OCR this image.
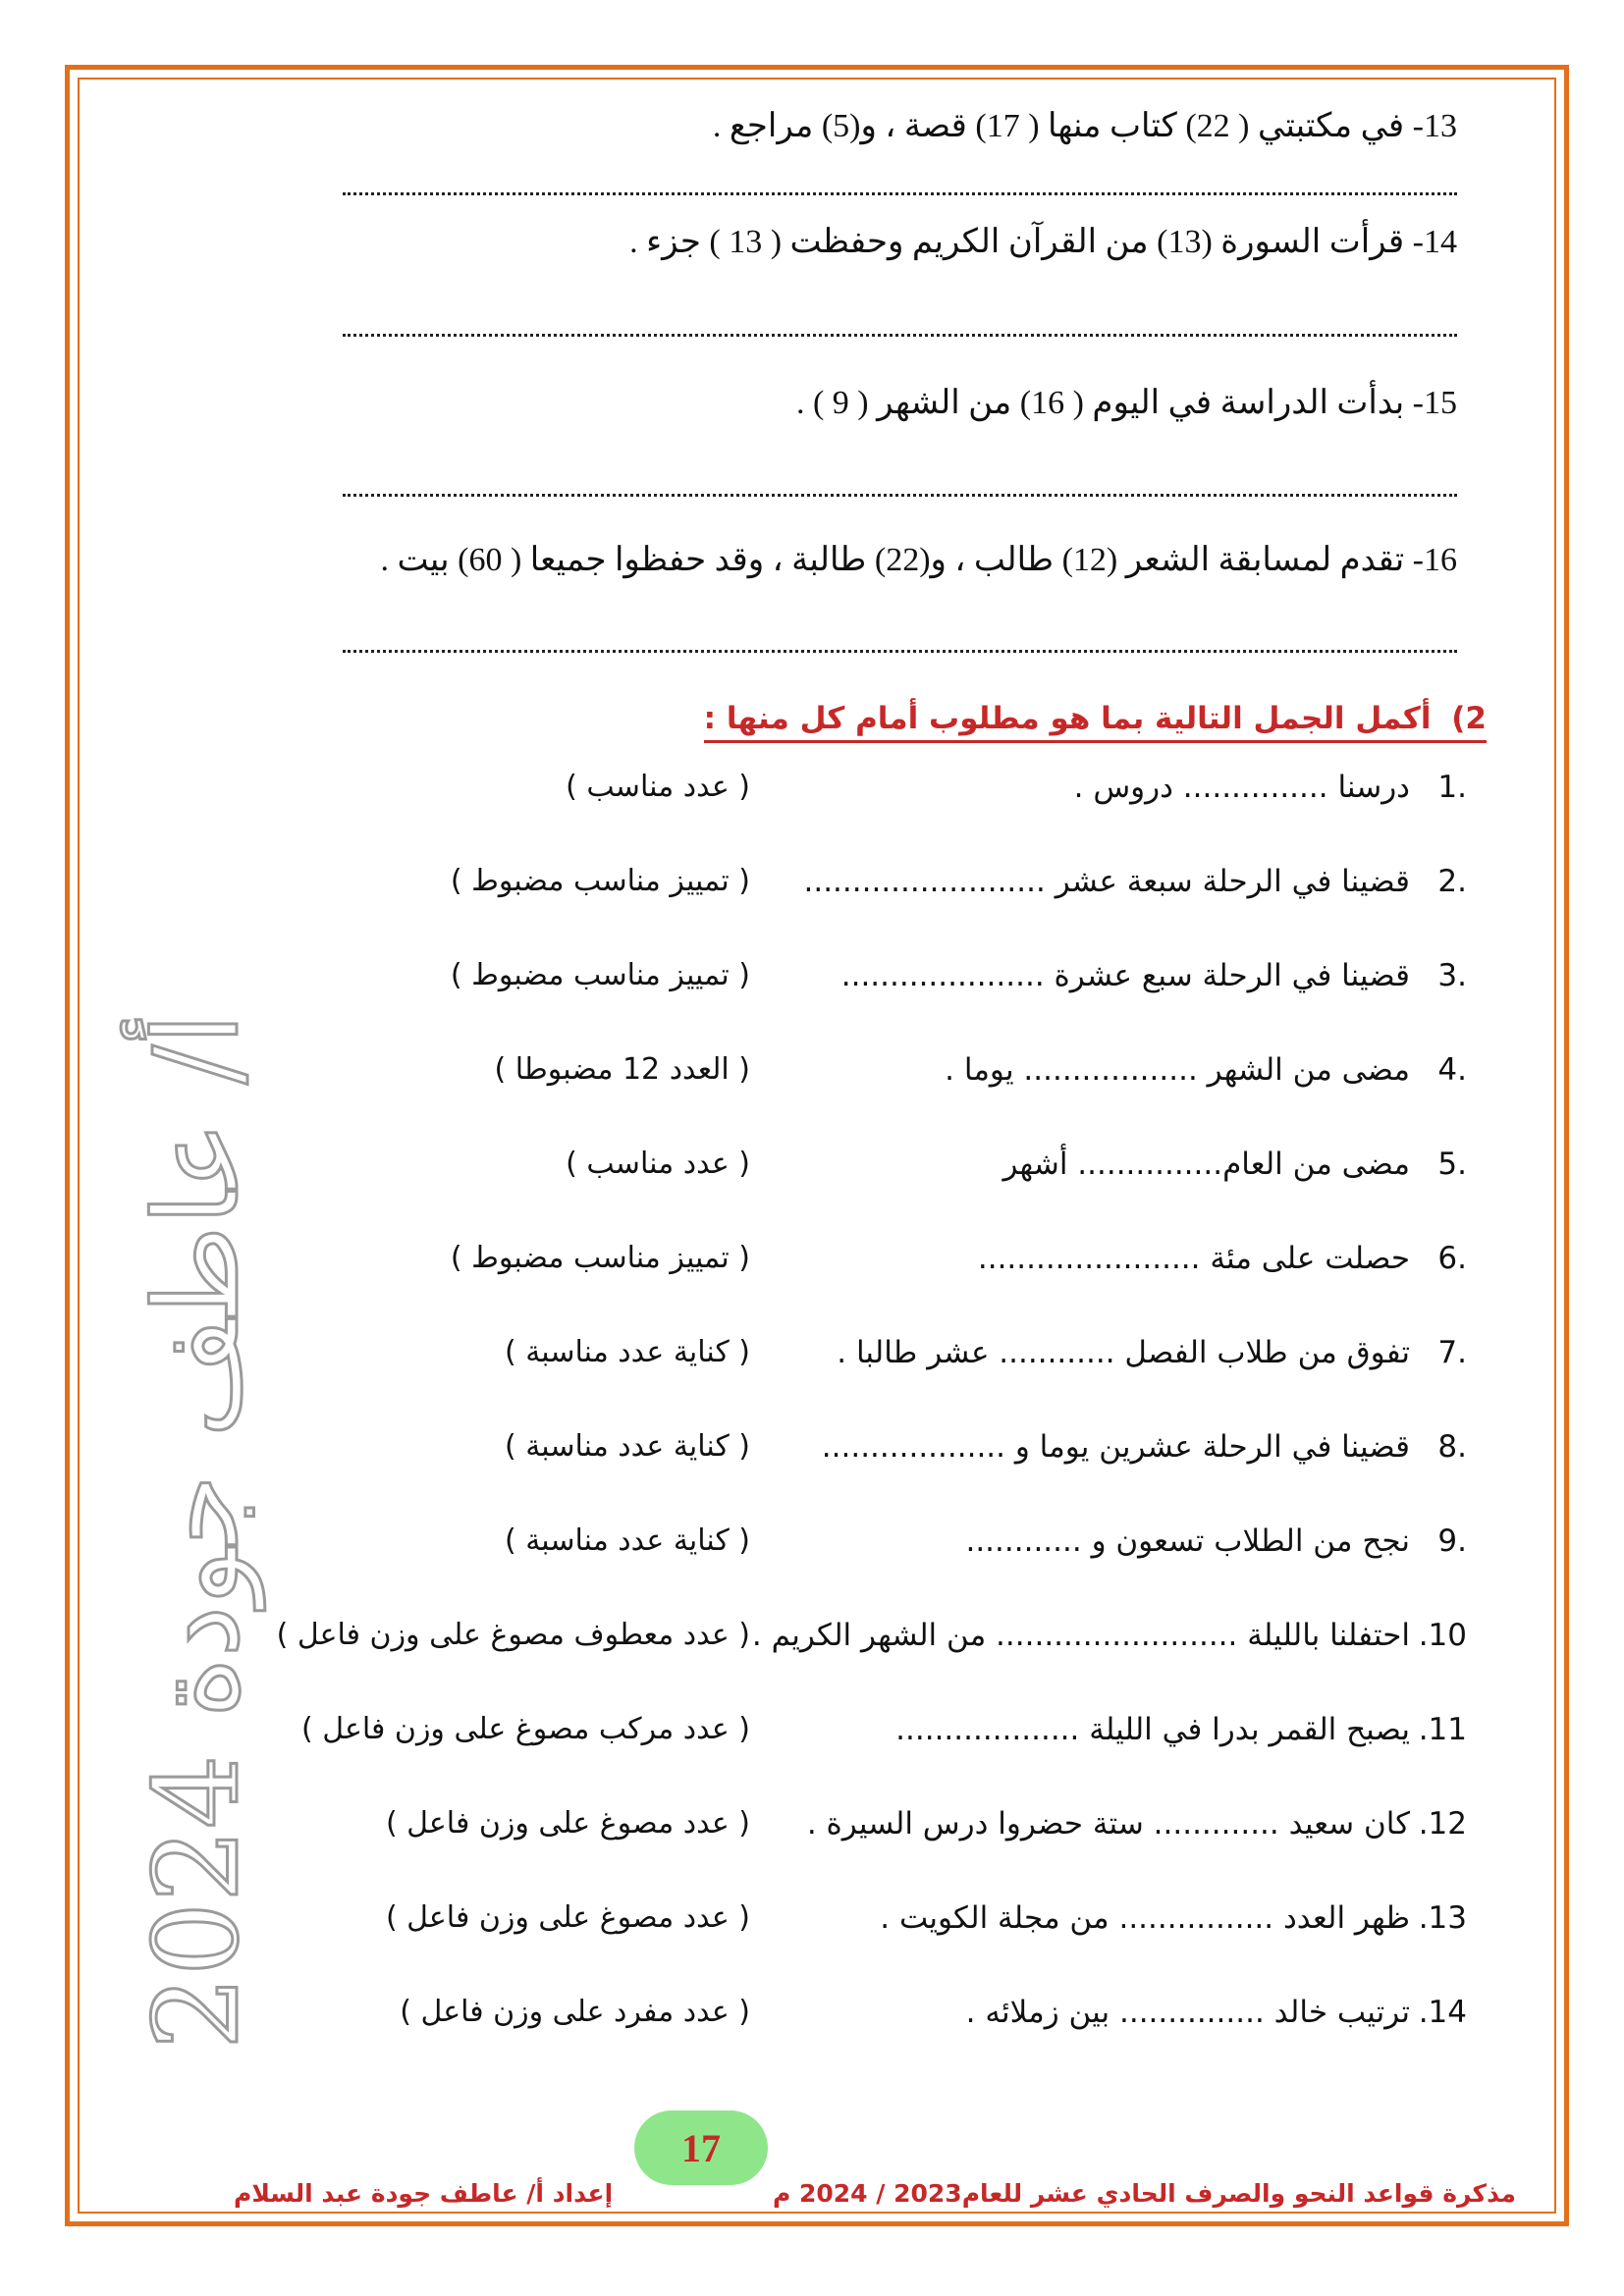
أ/ عاطف جودة 2024
13- في مكتبتي ( 22) كتاب منها ( 17) قصة ، و(5) مراجع .
14- قرأت السورة (13) من القرآن الكريم وحفظت ( 13 ) جزء .
15- بدأت الدراسة في اليوم ( 16) من الشهر ( 9 ) .
16- تقدم لمسابقة الشعر (12) طالب ، و(22) طالبة ، وقد حفظوا جميعا ( 60) بيت .
2) أكمل الجمل التالية بما هو مطلوب أمام كل منها :
.1
درسنا ............... دروس .
( عدد مناسب )
.2
قضينا في الرحلة سبعة عشر .........................
( تمييز مناسب مضبوط )
.3
قضينا في الرحلة سبع عشرة .....................
( تمييز مناسب مضبوط )
.4
مضى من الشهر .................. يوما .
( العدد 12 مضبوطا )
.5
مضى من العام............... أشهر
( عدد مناسب )
.6
حصلت على مئة .......................
( تمييز مناسب مضبوط )
.7
تفوق من طلاب الفصل ............ عشر طالبا .
( كناية عدد مناسبة )
.8
قضينا في الرحلة عشرين يوما و ...................
( كناية عدد مناسبة )
.9
نجح من الطلاب تسعون و ............
( كناية عدد مناسبة )
10.
احتفلنا بالليلة ......................... من الشهر الكريم .
( عدد معطوف مصوغ على وزن فاعل )
11.
يصبح القمر بدرا في الليلة ...................
( عدد مركب مصوغ على وزن فاعل )
12.
كان سعيد ............. ستة حضروا درس السيرة .
( عدد مصوغ على وزن فاعل )
13.
ظهر العدد ................ من مجلة الكويت .
( عدد مصوغ على وزن فاعل )
14.
ترتيب خالد ............... بين زملائه .
( عدد مفرد على وزن فاعل )
إعداد أ/ عاطف جودة عبد السلام	مذكرة قواعد النحو والصرف الحادي عشر للعام2023 / 2024 م
17
